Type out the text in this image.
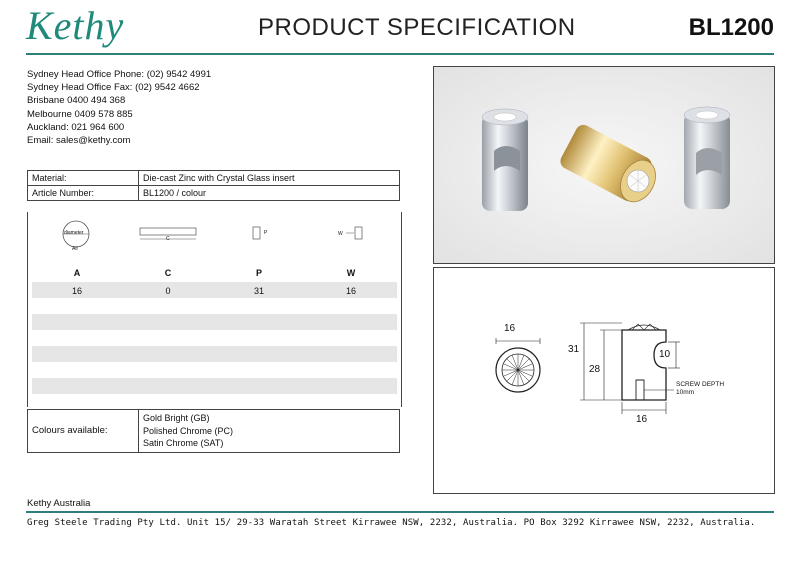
Kethy	PRODUCT SPECIFICATION	BL1200
Sydney Head Office Phone: (02) 9542 4991
Sydney Head Office Fax: (02) 9542 4662
Brisbane 0400 494 368
Melbourne 0409 578 885
Auckland: 021 964 600
Email: sales@kethy.com
Material:	Die-cast Zinc with Crystal Glass insert
Article Number:	BL1200 / colour
diameter
All
C
P	W
A	C	P	W
16	0	31	16
Colours available:	
Gold Bright (GB)
Polished Chrome (PC)
Satin Chrome (SAT)
16
31
28
10
16
SCREW DEPTH
10mm
Kethy Australia
Greg Steele Trading Pty Ltd. Unit 15/ 29-33 Waratah Street Kirrawee NSW, 2232, Australia. PO Box 3292 Kirrawee NSW, 2232, Australia.
